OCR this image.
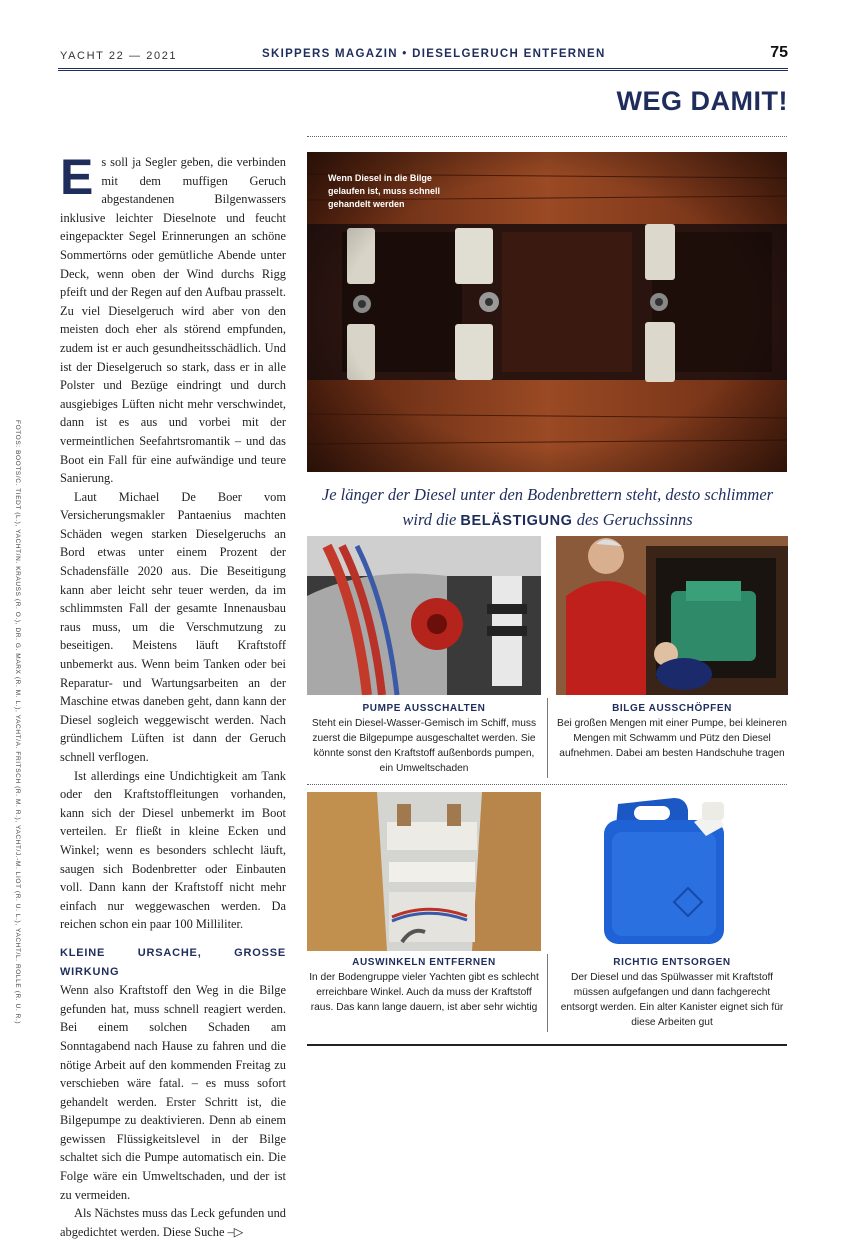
YACHT 22 — 2021	SKIPPERS MAGAZIN • DIESELGERUCH ENTFERNEN	75
WEG DAMIT!
FOTOS: BOOTS/C. TIEDT (L.), YACHT/N. KRAUSS (R. O.), DR. G. MARX (R. M. L.), YACHT/A. FRITSCH (R. M. R.), YACHT/J.-M. LIOT (R. U. L.), YACHT/L. ROLLE (R. U. R.)

Es soll ja Segler geben, die verbinden mit dem muffigen Geruch abgestandenen Bilgenwassers inklusive leichter Dieselnote und feucht eingepackter Segel Erinnerungen an schöne Sommertörns oder gemütliche Abende unter Deck, wenn oben der Wind durchs Rigg pfeift und der Regen auf den Aufbau prasselt. Zu viel Dieselgeruch wird aber von den meisten doch eher als störend empfunden, zudem ist er auch gesundheitsschädlich. Und ist der Dieselgeruch so stark, dass er in alle Polster und Bezüge eindringt und durch ausgiebiges Lüften nicht mehr verschwindet, dann ist es aus und vorbei mit der vermeintlichen Seefahrtsromantik – und das Boot ein Fall für eine aufwändige und teure Sanierung.

Laut Michael De Boer vom Versicherungsmakler Pantaenius machten Schäden wegen starken Dieselgeruchs an Bord etwas unter einem Prozent der Schadensfälle 2020 aus. Die Beseitigung kann aber leicht sehr teuer werden, da im schlimmsten Fall der gesamte Innenausbau raus muss, um die Verschmutzung zu beseitigen. Meistens läuft Kraftstoff unbemerkt aus. Wenn beim Tanken oder bei Reparatur- und Wartungsarbeiten an der Maschine etwas daneben geht, dann kann der Diesel sogleich weggewischt werden. Nach gründlichem Lüften ist dann der Geruch schnell verflogen.

Ist allerdings eine Undichtigkeit am Tank oder den Kraftstoffleitungen vorhanden, kann sich der Diesel unbemerkt im Boot verteilen. Er fließt in kleine Ecken und Winkel; wenn es besonders schlecht läuft, saugen sich Bodenbretter oder Einbauten voll. Dann kann der Kraftstoff nicht mehr einfach nur weggewaschen werden. Da reichen schon ein paar 100 Milliliter.

KLEINE URSACHE, GROSSE WIRKUNG

Wenn also Kraftstoff den Weg in die Bilge gefunden hat, muss schnell reagiert werden. Bei einem solchen Schaden am Sonntagabend nach Hause zu fahren und die nötige Arbeit auf den kommenden Freitag zu verschieben wäre fatal. – es muss sofort gehandelt werden. Erster Schritt ist, die Bilgepumpe zu deaktivieren. Denn ab einem gewissen Flüssigkeitslevel in der Bilge schaltet sich die Pumpe automatisch ein. Die Folge wäre ein Umweltschaden, und der ist zu vermeiden.

Als Nächstes muss das Leck gefunden und abgedichtet werden. Diese Suche –▷

Wenn Diesel in die Bilge gelaufen ist, muss schnell gehandelt werden
Je länger der Diesel unter den Bodenbrettern steht, desto schlimmer wird die BELÄSTIGUNG des Geruchssinns
PUMPE AUSSCHALTEN
Steht ein Diesel-Wasser-Gemisch im Schiff, muss zuerst die Bilgepumpe ausgeschaltet werden. Sie könnte sonst den Kraftstoff außenbords pumpen, ein Umweltschaden
BILGE AUSSCHÖPFEN
Bei großen Mengen mit einer Pumpe, bei kleineren Mengen mit Schwamm und Pütz den Diesel aufnehmen. Dabei am besten Handschuhe tragen
AUSWINKELN ENTFERNEN
In der Bodengruppe vieler Yachten gibt es schlecht erreichbare Winkel. Auch da muss der Kraftstoff raus. Das kann lange dauern, ist aber sehr wichtig
RICHTIG ENTSORGEN
Der Diesel und das Spülwasser mit Kraftstoff müssen aufgefangen und dann fachgerecht entsorgt werden. Ein alter Kanister eignet sich für diese Arbeiten gut
